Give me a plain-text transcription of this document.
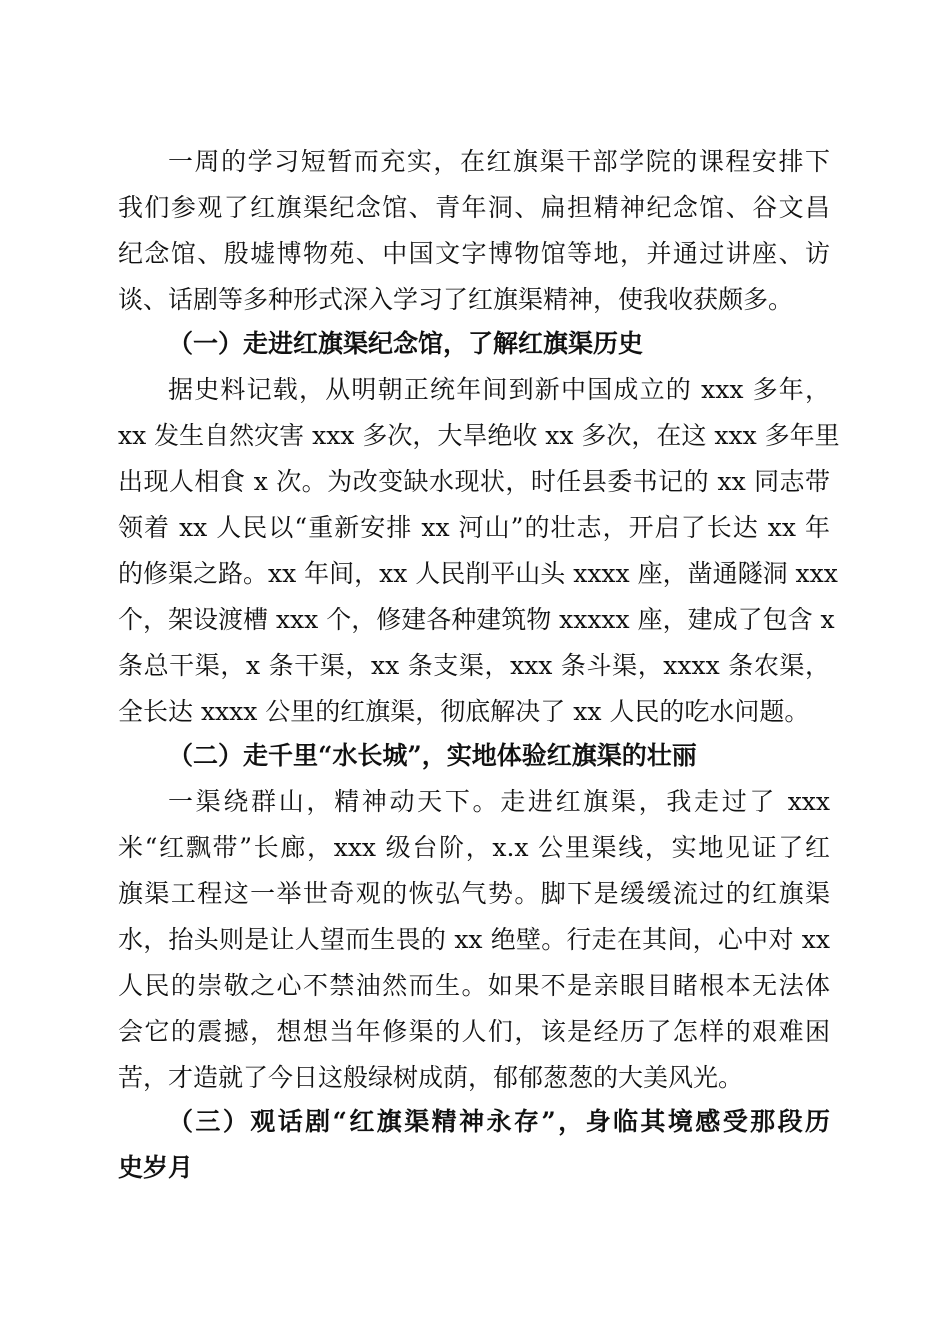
一周的学习短暂而充实，在红旗渠干部学院的课程安排下

我们参观了红旗渠纪念馆、青年洞、扁担精神纪念馆、谷文昌

纪念馆、殷墟博物苑、中国文字博物馆等地，并通过讲座、访

谈、话剧等多种形式深入学习了红旗渠精神，使我收获颇多。

（一）走进红旗渠纪念馆，了解红旗渠历史

据史料记载，从明朝正统年间到新中国成立的 xxx 多年，

xx 发生自然灾害 xxx 多次，大旱绝收 xx 多次，在这 xxx 多年里

出现人相食 x 次。为改变缺水现状，时任县委书记的 xx 同志带

领着 xx 人民以“重新安排 xx 河山”的壮志，开启了长达 xx 年

的修渠之路。xx 年间，xx 人民削平山头 xxxx 座，凿通隧洞 xxx

个，架设渡槽 xxx 个，修建各种建筑物 xxxxx 座，建成了包含 x

条总干渠，x 条干渠，xx 条支渠，xxx 条斗渠，xxxx 条农渠，

全长达 xxxx 公里的红旗渠，彻底解决了 xx 人民的吃水问题。

（二）走千里“水长城”，实地体验红旗渠的壮丽

一渠绕群山，精神动天下。走进红旗渠，我走过了 xxx

米“红飘带”长廊，xxx 级台阶，x.x 公里渠线，实地见证了红

旗渠工程这一举世奇观的恢弘气势。脚下是缓缓流过的红旗渠

水，抬头则是让人望而生畏的 xx 绝壁。行走在其间，心中对 xx

人民的崇敬之心不禁油然而生。如果不是亲眼目睹根本无法体

会它的震撼，想想当年修渠的人们，该是经历了怎样的艰难困

苦，才造就了今日这般绿树成荫，郁郁葱葱的大美风光。

（三）观话剧“红旗渠精神永存”，身临其境感受那段历

史岁月
